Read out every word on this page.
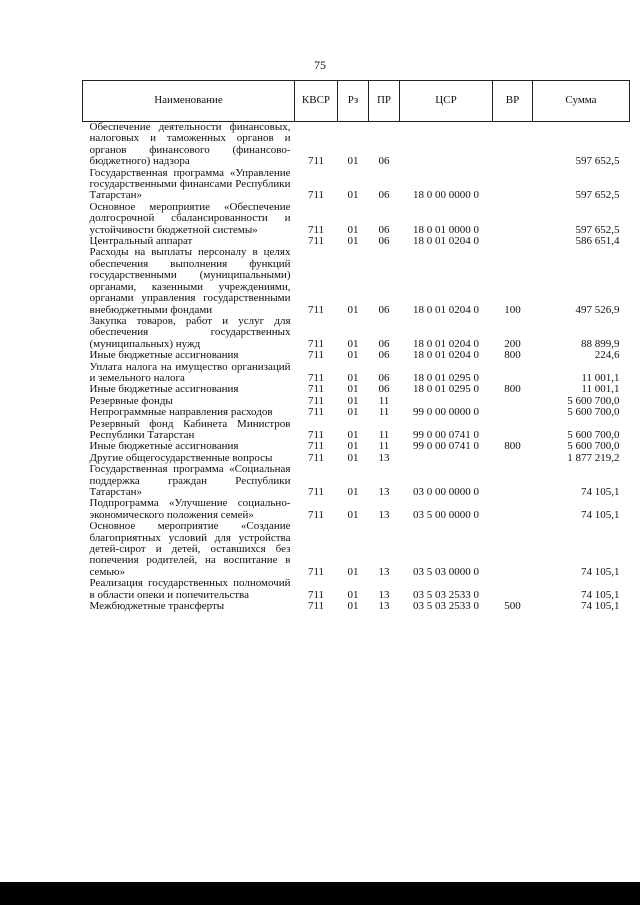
75
Наименование	КВСР	Рз	ПР	ЦСР	ВР	Сумма
Обеспечение деятельности финансовых, налоговых и таможенных органов и органов финансового (финансово-бюджетного) надзора	711	01	06			597 652,5
Государственная программа «Управление государственными финансами Республики Татарстан»	711	01	06	18 0 00 0000 0		597 652,5
Основное мероприятие «Обеспечение долгосрочной сбалансированности и устойчивости бюджетной системы»	711	01	06	18 0 01 0000 0		597 652,5
Центральный аппарат	711	01	06	18 0 01 0204 0		586 651,4
Расходы на выплаты персоналу в целях обеспечения выполнения функций государственными (муниципальными) органами, казенными учреждениями, органами управления государственными внебюджетными фондами	711	01	06	18 0 01 0204 0	100	497 526,9
Закупка товаров, работ и услуг для обеспечения государственных (муниципальных) нужд	711	01	06	18 0 01 0204 0	200	88 899,9
Иные бюджетные ассигнования	711	01	06	18 0 01 0204 0	800	224,6
Уплата налога на имущество организаций и земельного налога	711	01	06	18 0 01 0295 0		11 001,1
Иные бюджетные ассигнования	711	01	06	18 0 01 0295 0	800	11 001,1
Резервные фонды	711	01	11			5 600 700,0
Непрограммные направления расходов	711	01	11	99 0 00 0000 0		5 600 700,0
Резервный фонд Кабинета Министров Республики Татарстан	711	01	11	99 0 00 0741 0		5 600 700,0
Иные бюджетные ассигнования	711	01	11	99 0 00 0741 0	800	5 600 700,0
Другие общегосударственные вопросы	711	01	13			1 877 219,2
Государственная программа «Социальная поддержка граждан Республики Татарстан»	711	01	13	03 0 00 0000 0		74 105,1
Подпрограмма «Улучшение социально-экономического положения семей»	711	01	13	03 5 00 0000 0		74 105,1
Основное мероприятие «Создание благоприятных условий для устройства детей-сирот и детей, оставшихся без попечения родителей, на воспитание в семью»	711	01	13	03 5 03 0000 0		74 105,1
Реализация государственных полномочий в области опеки и попечительства	711	01	13	03 5 03 2533 0		74 105,1
Межбюджетные трансферты	711	01	13	03 5 03 2533 0	500	74 105,1
